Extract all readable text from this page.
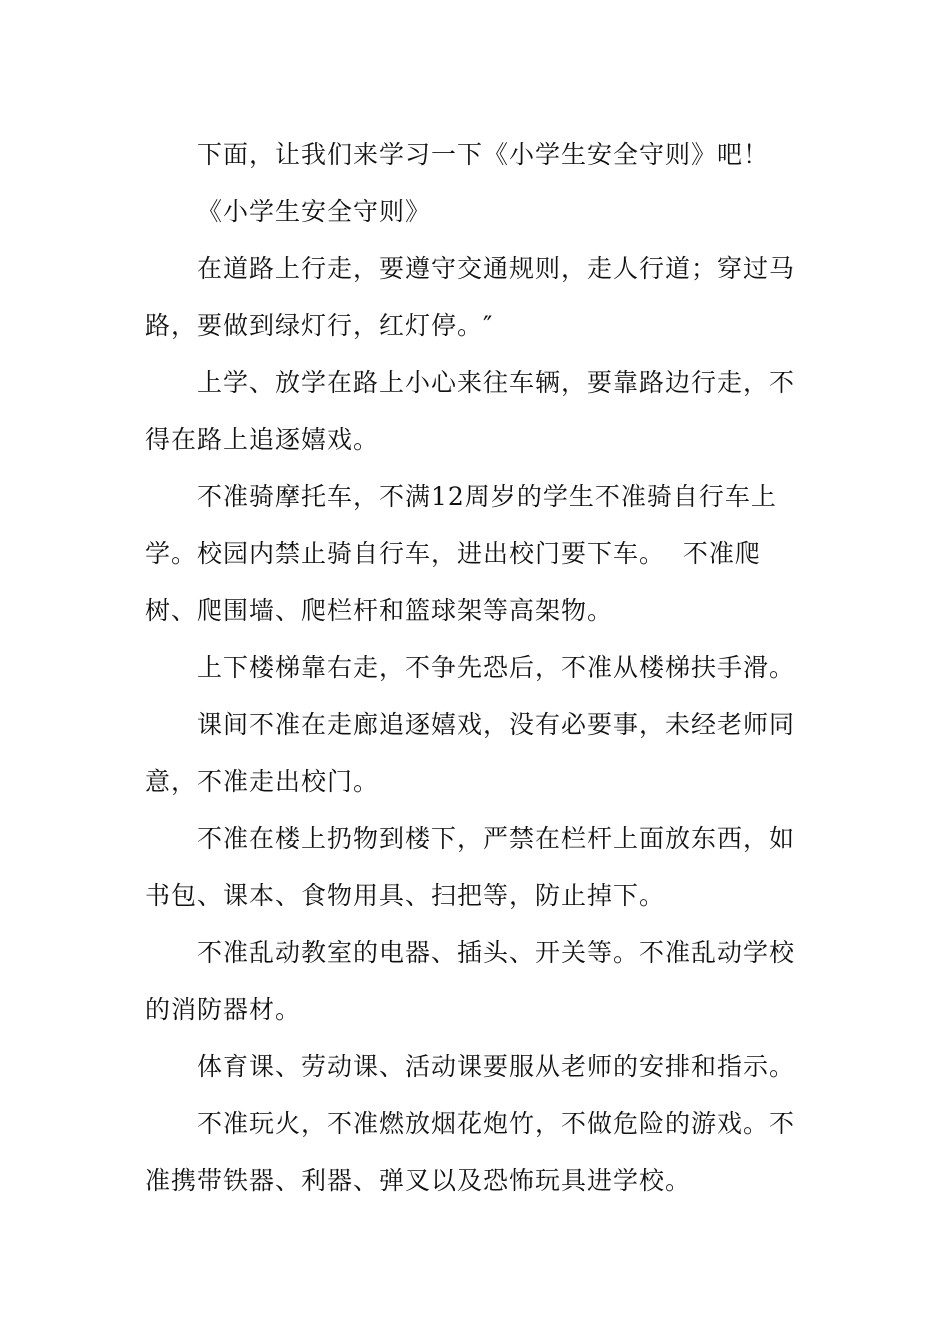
下面，让我们来学习一下《小学生安全守则》吧！

《小学生安全守则》

在道路上行走，要遵守交通规则，走人行道；穿过马路，要做到绿灯行，红灯停。″

上学、放学在路上小心来往车辆，要靠路边行走，不得在路上追逐嬉戏。

不准骑摩托车，不满12周岁的学生不准骑自行车上学。校园内禁止骑自行车，进出校门要下车。  不准爬树、爬围墙、爬栏杆和篮球架等高架物。

上下楼梯靠右走，不争先恐后，不准从楼梯扶手滑。

课间不准在走廊追逐嬉戏，没有必要事，未经老师同意，不准走出校门。

不准在楼上扔物到楼下，严禁在栏杆上面放东西，如书包、课本、食物用具、扫把等，防止掉下。

不准乱动教室的电器、插头、开关等。不准乱动学校的消防器材。

体育课、劳动课、活动课要服从老师的安排和指示。

不准玩火，不准燃放烟花炮竹，不做危险的游戏。不准携带铁器、利器、弹叉以及恐怖玩具进学校。
